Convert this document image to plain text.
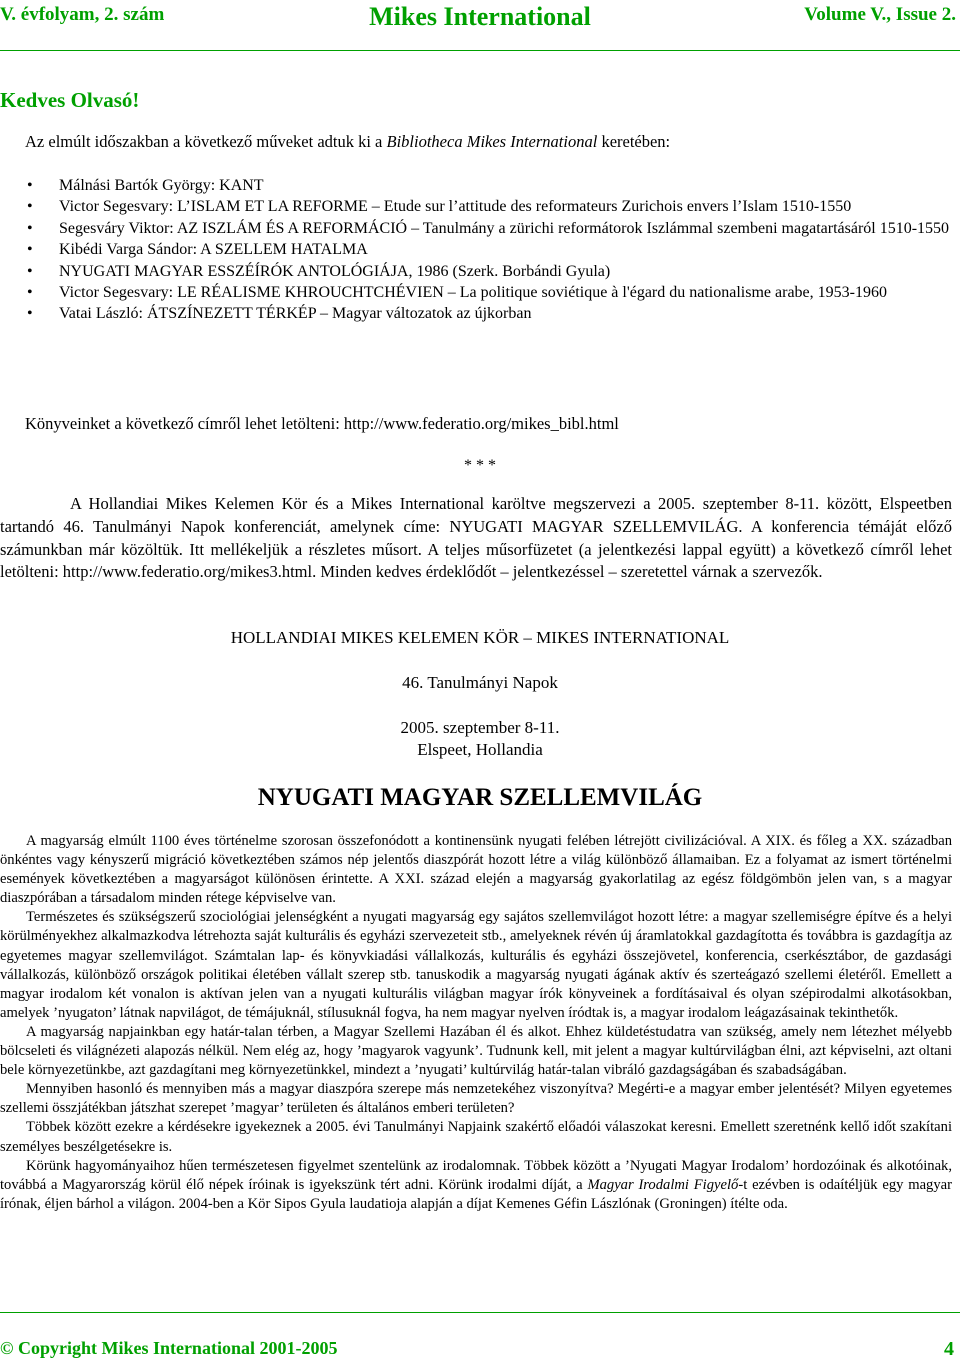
V. évfolyam, 2. szám	Mikes International	Volume V., Issue 2.
Kedves Olvasó!
Az elmúlt időszakban a következő műveket adtuk ki a Bibliotheca Mikes International keretében:
• Málnási Bartók György: KANT
• Victor Segesvary: L’ISLAM ET LA REFORME – Etude sur l’attitude des reformateurs Zurichois envers l’Islam 1510-1550
• Segesváry Viktor: AZ ISZLÁM ÉS A REFORMÁCIÓ – Tanulmány a zürichi reformátorok Iszlámmal szembeni magatartásáról 1510-1550
• Kibédi Varga Sándor: A SZELLEM HATALMA
• NYUGATI MAGYAR ESSZÉÍRÓK ANTOLÓGIÁJA, 1986 (Szerk. Borbándi Gyula)
• Victor Segesvary: LE RÉALISME KHROUCHTCHÉVIEN – La politique soviétique à l'égard du nationalisme arabe, 1953-1960
• Vatai László: ÁTSZÍNEZETT TÉRKÉP – Magyar változatok az újkorban
Könyveinket a következő címről lehet letölteni: http://www.federatio.org/mikes_bibl.html
* * *

A Hollandiai Mikes Kelemen Kör és a Mikes International karöltve megszervezi a 2005. szeptember 8-11. között, Elspeetben tartandó 46. Tanulmányi Napok konferenciát, amelynek címe: NYUGATI MAGYAR SZELLEMVILÁG. A konferencia témáját előző számunkban már közöltük. Itt mellékeljük a részletes műsort. A teljes műsorfüzetet (a jelentkezési lappal együtt) a következő címről lehet letölteni: http://www.federatio.org/mikes3.html. Minden kedves érdeklődőt – jelentkezéssel – szeretettel várnak a szervezők.

HOLLANDIAI MIKES KELEMEN KÖR – MIKES INTERNATIONAL
46. Tanulmányi Napok
2005. szeptember 8-11.
Elspeet, Hollandia
NYUGATI MAGYAR SZELLEMVILÁG

A magyarság elmúlt 1100 éves történelme szorosan összefonódott a kontinensünk nyugati felében létrejött civilizációval. A XIX. és főleg a XX. században önkéntes vagy kényszerű migráció következtében számos nép jelentős diaszpórát hozott létre a világ különböző államaiban. Ez a folyamat az ismert történelmi események következtében a magyarságot különösen érintette. A XXI. század elején a magyarság gyakorlatilag az egész földgömbön jelen van, s a magyar diaszpórában a társadalom minden rétege képviselve van.

Természetes és szükségszerű szociológiai jelenségként a nyugati magyarság egy sajátos szellemvilágot hozott létre: a magyar szellemiségre építve és a helyi körülményekhez alkalmazkodva létrehozta saját kulturális és egyházi szervezeteit stb., amelyeknek révén új áramlatokkal gazdagította és továbbra is gazdagítja az egyetemes magyar szellemvilágot. Számtalan lap- és könyvkiadási vállalkozás, kulturális és egyházi összejövetel, konferencia, cserkésztábor, de gazdasági vállalkozás, különböző országok politikai életében vállalt szerep stb. tanuskodik a magyarság nyugati ágának aktív és szerteágazó szellemi életéről. Emellett a magyar irodalom két vonalon is aktívan jelen van a nyugati kulturális világban magyar írók könyveinek a fordításaival és olyan szépirodalmi alkotásokban, amelyek ’nyugaton’ látnak napvilágot, de témájuknál, stílusuknál fogva, ha nem magyar nyelven íródtak is, a magyar irodalom leágazásainak tekinthetők.

A magyarság napjainkban egy határ-talan térben, a Magyar Szellemi Hazában él és alkot. Ehhez küldetéstudatra van szükség, amely nem létezhet mélyebb bölcseleti és világnézeti alapozás nélkül. Nem elég az, hogy ’magyarok vagyunk’. Tudnunk kell, mit jelent a magyar kultúrvilágban élni, azt képviselni, azt oltani bele környezetünkbe, azt gazdagítani meg környezetünkkel, mindezt a ’nyugati’ kultúrvilág határ-talan vibráló gazdagságában és szabadságában.

Mennyiben hasonló és mennyiben más a magyar diaszpóra szerepe más nemzetekéhez viszonyítva? Megérti-e a magyar ember jelentését? Milyen egyetemes szellemi összjátékban játszhat szerepet ’magyar’ területen és általános emberi területen?

Többek között ezekre a kérdésekre igyekeznek a 2005. évi Tanulmányi Napjaink szakértő előadói válaszokat keresni. Emellett szeretnénk kellő időt szakítani személyes beszélgetésekre is.

Körünk hagyományaihoz hűen természetesen figyelmet szentelünk az irodalomnak. Többek között a ’Nyugati Magyar Irodalom’ hordozóinak és alkotóinak, továbbá a Magyarország körül élő népek íróinak is igyekszünk tért adni. Körünk irodalmi díját, a Magyar Irodalmi Figyelő-t ezévben is odaítéljük egy magyar írónak, éljen bárhol a világon. 2004-ben a Kör Sipos Gyula laudatioja alapján a díjat Kemenes Géfin Lászlónak (Groningen) ítélte oda.

© Copyright Mikes International 2001-2005	4
